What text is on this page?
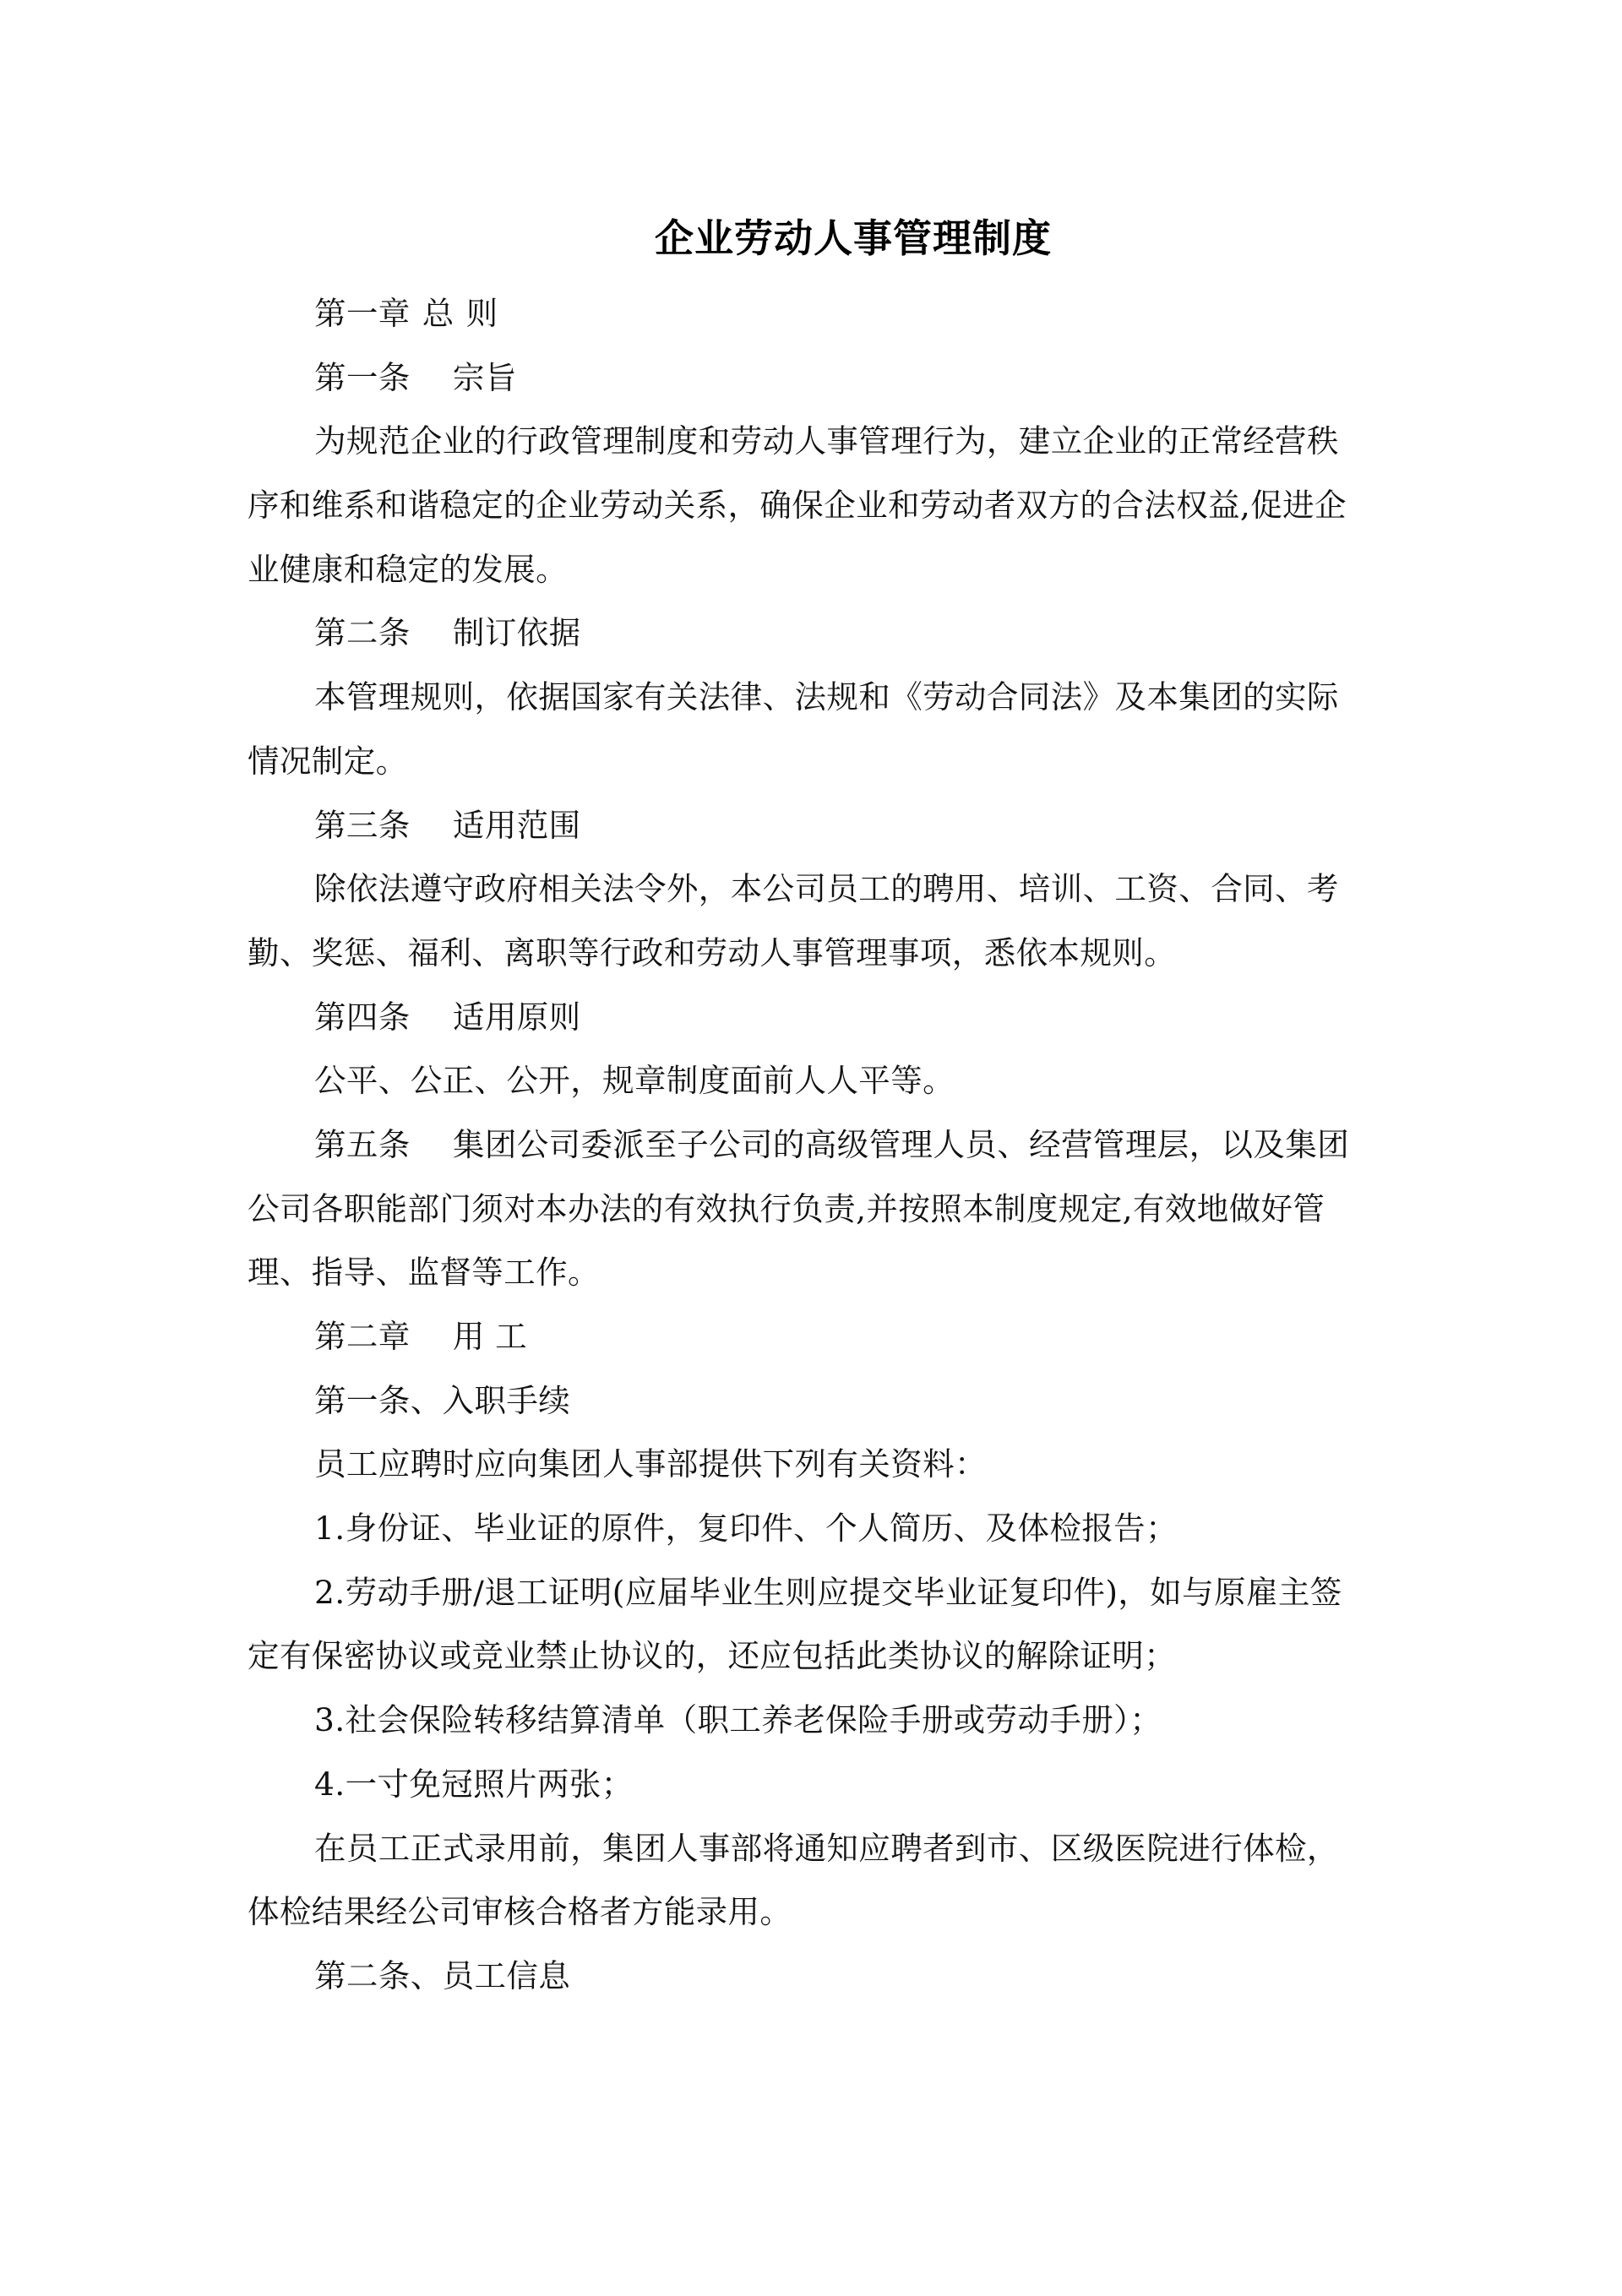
企业劳动人事管理制度
第一章 总 则
第一条　 宗旨
为规范企业的行政管理制度和劳动人事管理行为，建立企业的正常经营秩
序和维系和谐稳定的企业劳动关系，确保企业和劳动者双方的合法权益,促进企
业健康和稳定的发展。
第二条　 制订依据
本管理规则，依据国家有关法律、法规和《劳动合同法》及本集团的实际
情况制定。
第三条　 适用范围
除依法遵守政府相关法令外，本公司员工的聘用、培训、工资、合同、考
勤、奖惩、福利、离职等行政和劳动人事管理事项，悉依本规则。
第四条　 适用原则
公平、公正、公开，规章制度面前人人平等。
第五条　 集团公司委派至子公司的高级管理人员、经营管理层，以及集团
公司各职能部门须对本办法的有效执行负责,并按照本制度规定,有效地做好管
理、指导、监督等工作。
第二章　 用 工
第一条、入职手续
员工应聘时应向集团人事部提供下列有关资料：
1.身份证、毕业证的原件，复印件、个人简历、及体检报告；
2.劳动手册/退工证明(应届毕业生则应提交毕业证复印件)，如与原雇主签
定有保密协议或竞业禁止协议的，还应包括此类协议的解除证明；
3.社会保险转移结算清单（职工养老保险手册或劳动手册）；
4.一寸免冠照片两张；
在员工正式录用前，集团人事部将通知应聘者到市、区级医院进行体检，
体检结果经公司审核合格者方能录用。
第二条、员工信息
